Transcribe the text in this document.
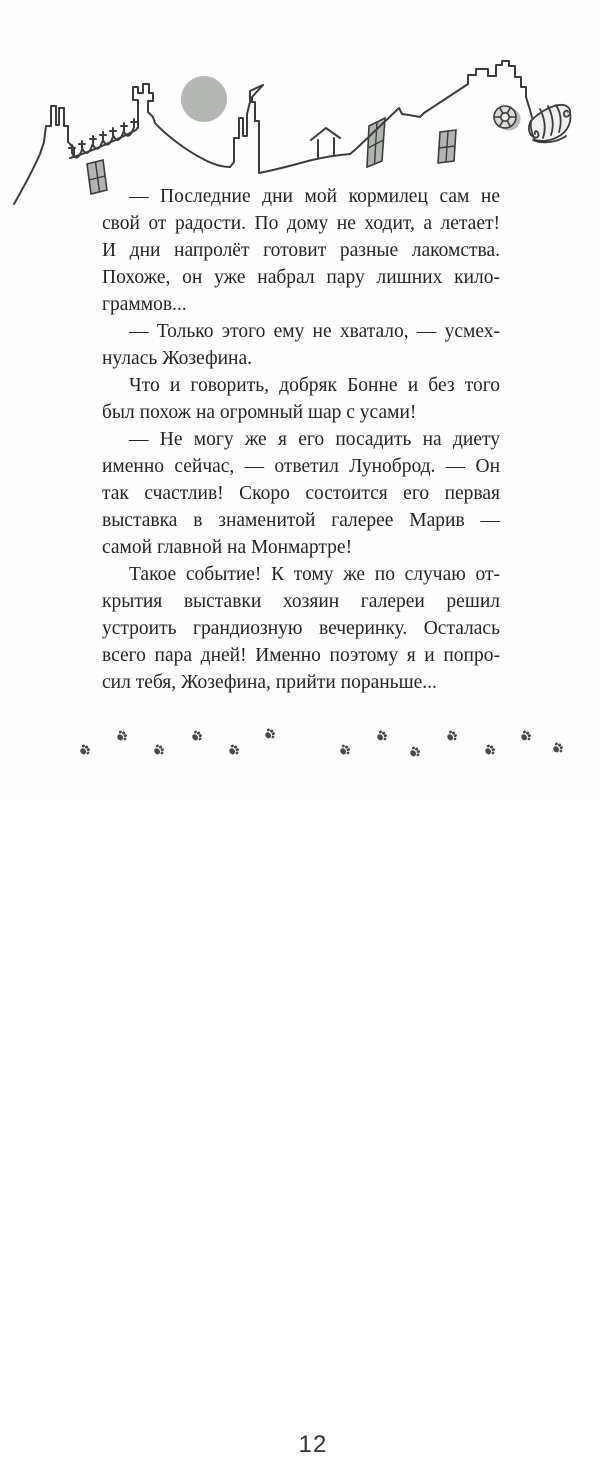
— Последние дни мой кормилец сам не
свой от радости. По дому не ходит, а летает!
И дни напролёт готовит разные лакомства.
Похоже, он уже набрал пару лишних кило-
граммов...
— Только этого ему не хватало, — усмех-
нулась Жозефина.
Что и говорить, добряк Бонне и без того
был похож на огромный шар с усами!
— Не могу же я его посадить на диету
именно сейчас, — ответил Луноброд. — Он
так счастлив! Скоро состоится его первая
выставка в знаменитой галерее Марив —
самой главной на Монмартре!
Такое событие! К тому же по случаю от-
крытия выставки хозяин галереи решил
устроить грандиозную вечеринку. Осталась
всего пара дней! Именно поэтому я и попро-
сил тебя, Жозефина, прийти пораньше...
12
